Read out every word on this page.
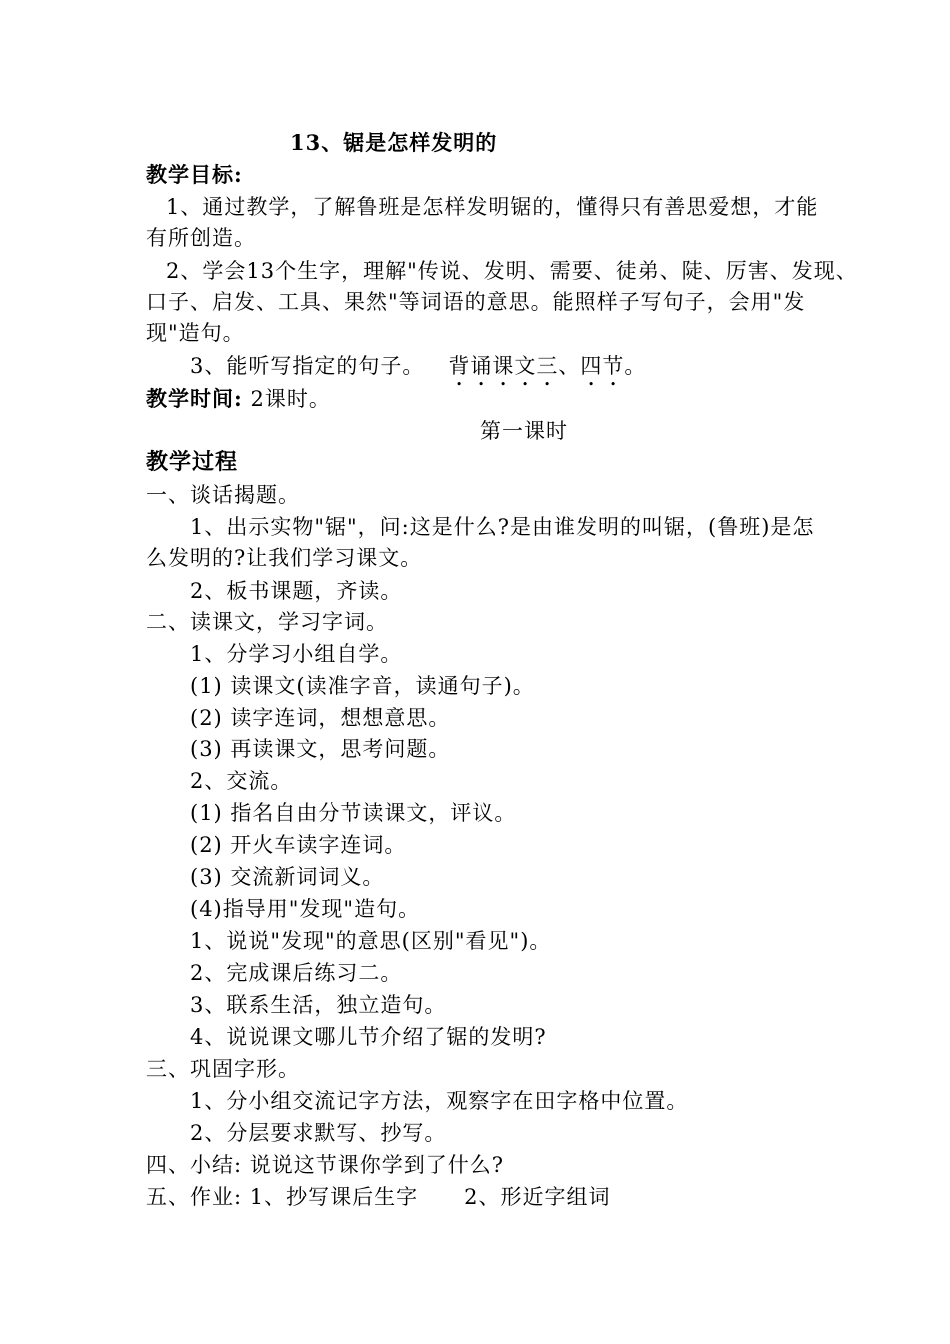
13、锯是怎样发明的
教学目标:
1、通过教学，了解鲁班是怎样发明锯的，懂得只有善思爱想，才能
有所创造。
2、学会13个生字，理解"传说、发明、需要、徒弟、陡、厉害、发现、
口子、启发、工具、果然"等词语的意思。能照样子写句子，会用"发
现"造句。
3、能听写指定的句子。 背诵课文三、四节。
教学时间: 2课时。
第一课时
教学过程
一、谈话揭题。
1、出示实物"锯"，问:这是什么?是由谁发明的叫锯，(鲁班)是怎
么发明的?让我们学习课文。
2、板书课题，齐读。
二、读课文，学习字词。
1、分学习小组自学。
(1) 读课文(读准字音，读通句子)。
(2) 读字连词，想想意思。
(3) 再读课文，思考问题。
2、交流。
(1) 指名自由分节读课文，评议。
(2) 开火车读字连词。
(3) 交流新词词义。
(4)指导用"发现"造句。
1、说说"发现"的意思(区别"看见")。
2、完成课后练习二。
3、联系生活，独立造句。
4、说说课文哪儿节介绍了锯的发明?
三、巩固字形。
1、分小组交流记字方法，观察字在田字格中位置。
2、分层要求默写、抄写。
四、小结: 说说这节课你学到了什么?
五、作业: 1、抄写课后生字      2、形近字组词
